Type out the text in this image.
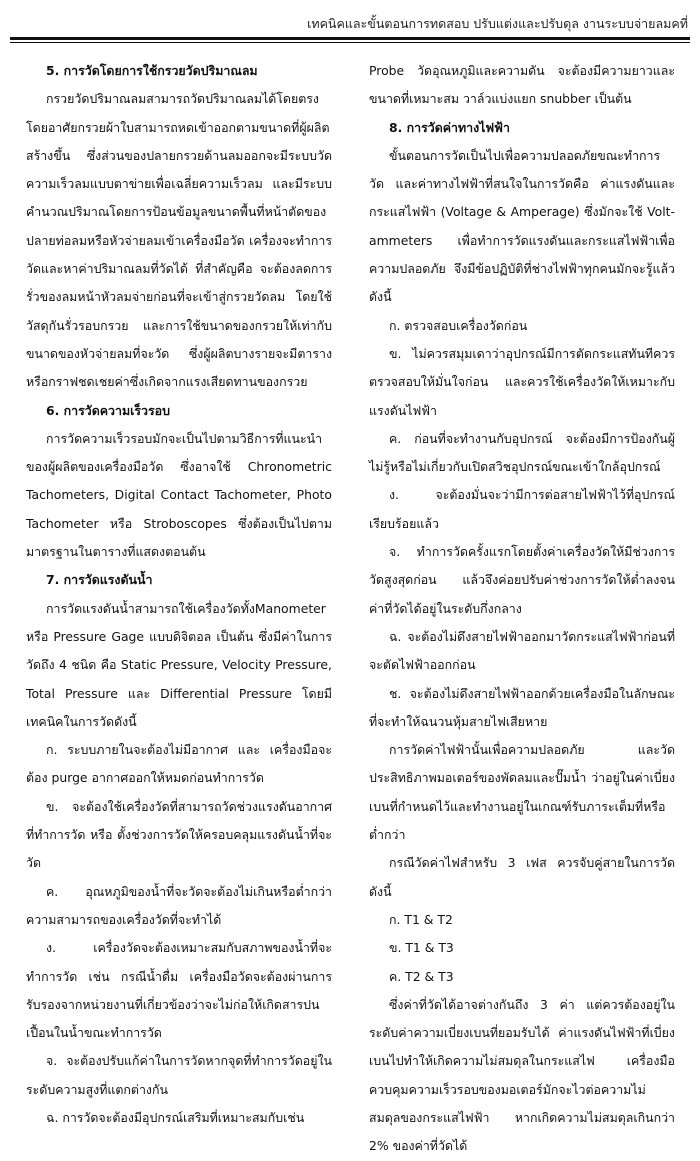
เทคนิคและขั้นตอนการทดสอบ ปรับแต่งและปรับดุล งานระบบจ่ายลมคที่

5. การวัดโดยการใช้กรวยวัดปริมาณลม

กรวยวัดปริมาณลมสามารถวัดปริมาณลมได้โดยตรง โดยอาศัยกรวยผ้าใบสามารถหดเข้าออกตามขนาดที่ผู้ผลิตสร้างขึ้น ซึ่งส่วนของปลายกรวยด้านลมออกจะมีระบบวัดความเร็วลมแบบตาข่ายเพื่อเฉลี่ยความเร็วลม และมีระบบคำนวณปริมาณโดยการป้อนข้อมูลขนาดพื้นที่หน้าตัดของปลายท่อลมหรือหัวจ่ายลมเข้าเครื่องมือวัด เครื่องจะทำการวัดและหาค่าปริมาณลมที่วัดได้ ที่สำคัญคือ จะต้องลดการรั่วของลมหน้าหัวลมจ่ายก่อนที่จะเข้าสู่กรวยวัดลม โดยใช้วัสดุกันรั่วรอบกรวย และการใช้ขนาดของกรวยให้เท่ากับขนาดของหัวจ่ายลมที่จะวัด ซึ่งผู้ผลิตบางรายจะมีตารางหรือกราฟชดเชยค่าซึ่งเกิดจากแรงเสียดทานของกรวย

6. การวัดความเร็วรอบ

การวัดความเร็วรอบมักจะเป็นไปตามวิธีการที่แนะนำของผู้ผลิตของเครื่องมือวัด ซึ่งอาจใช้ Chronometric Tachometers, Digital Contact Tachometer, Photo Tachometer หรือ Stroboscopes ซึ่งต้องเป็นไปตามมาตรฐานในตารางที่แสดงตอนต้น

7. การวัดแรงดันน้ำ

การวัดแรงดันน้ำสามารถใช้เครื่องวัดทั้งManometer หรือ Pressure Gage แบบดิจิตอล เป็นต้น ซึ่งมีค่าในการวัดถึง 4 ชนิด คือ Static Pressure, Velocity Pressure, Total Pressure และ Differential Pressure โดยมีเทคนิคในการวัดดังนี้

ก. ระบบภายในจะต้องไม่มีอากาศ และ เครื่องมือจะต้อง purge อากาศออกให้หมดก่อนทำการวัด

ข. จะต้องใช้เครื่องวัดที่สามารถวัดช่วงแรงดันอากาศที่ทำการวัด หรือ ตั้งช่วงการวัดให้ครอบคลุมแรงดันน้ำที่จะวัด

ค. อุณหภูมิของน้ำที่จะวัดจะต้องไม่เกินหรือต่ำกว่าความสามารถของเครื่องวัดที่จะทำได้

ง. เครื่องวัดจะต้องเหมาะสมกับสภาพของน้ำที่จะทำการวัด เช่น กรณีน้ำดื่ม เครื่องมือวัดจะต้องผ่านการรับรองจากหน่วยงานที่เกี่ยวข้องว่าจะไม่ก่อให้เกิดสารปนเปื้อนในน้ำขณะทำการวัด

จ. จะต้องปรับแก้ค่าในการวัดหากจุดที่ทำการวัดอยู่ในระดับความสูงที่แตกต่างกัน

ฉ. การวัดจะต้องมีอุปกรณ์เสริมที่เหมาะสมกับเช่น

Probe วัดอุณหภูมิและความดัน จะต้องมีความยาวและขนาดที่เหมาะสม วาล์วแบ่งแยก snubber เป็นต้น

8. การวัดค่าทางไฟฟ้า

ขั้นตอนการวัดเป็นไปเพื่อความปลอดภัยขณะทำการวัด และค่าทางไฟฟ้าที่สนใจในการวัดคือ ค่าแรงดันและกระแสไฟฟ้า (Voltage & Amperage) ซึ่งมักจะใช้ Volt-ammeters เพื่อทำการวัดแรงดันและกระแสไฟฟ้าเพื่อความปลอดภัย จึงมีข้อปฏิบัติที่ช่างไฟฟ้าทุกคนมักจะรู้แล้วดังนี้

ก. ตรวจสอบเครื่องวัดก่อน

ข. ไม่ควรสมุมเดาว่าอุปกรณ์มีการตัดกระแสทันทีควรตรวจสอบให้มั่นใจก่อน และควรใช้เครื่องวัดให้เหมาะกับแรงดันไฟฟ้า

ค. ก่อนที่จะทำงานกับอุปกรณ์ จะต้องมีการป้องกันผู้ไม่รู้หรือไม่เกี่ยวกับเปิดสวิชอุปกรณ์ขณะเข้าใกล้อุปกรณ์

ง. จะต้องมั่นจะว่ามีการต่อสายไฟฟ้าไว้ที่อุปกรณ์เรียบร้อยแล้ว

จ. ทำการวัดครั้งแรกโดยตั้งค่าเครื่องวัดให้มีช่วงการวัดสูงสุดก่อน แล้วจึงค่อยปรับค่าช่วงการวัดให้ต่ำลงจนค่าที่วัดได้อยู่ในระดับกึ่งกลาง

ฉ. จะต้องไม่ดึงสายไฟฟ้าออกมาวัดกระแสไฟฟ้าก่อนที่จะตัดไฟฟ้าออกก่อน

ช. จะต้องไม่ดึงสายไฟฟ้าออกด้วยเครื่องมือในลักษณะที่จะทำให้ฉนวนหุ้มสายไฟเสียหาย

การวัดค่าไฟฟ้านั้นเพื่อความปลอดภัย และวัดประสิทธิภาพมอเตอร์ของพัดลมและปั๊มน้ำ ว่าอยู่ในค่าเบี่ยงเบนที่กำหนดไว้และทำงานอยู่ในเกณฑ์รับภาระเต็มที่หรือต่ำกว่า

กรณีวัดค่าไฟสำหรับ 3 เฟส ควรจับคู่สายในการวัดดังนี้

ก. T1 & T2

ข. T1 & T3

ค. T2 & T3

ซึ่งค่าที่วัดได้อาจต่างกันถึง 3 ค่า แต่ควรต้องอยู่ในระดับค่าความเบี่ยงเบนที่ยอมรับได้ ค่าแรงดันไฟฟ้าที่เบี่ยงเบนไปทำให้เกิดความไม่สมดุลในกระแสไฟ เครื่องมือควบคุมความเร็วรอบของมอเตอร์มักจะไวต่อความไม่สมดุลของกระแสไฟฟ้า หากเกิดความไม่สมดุลเกินกว่า 2% ของค่าที่วัดได้
